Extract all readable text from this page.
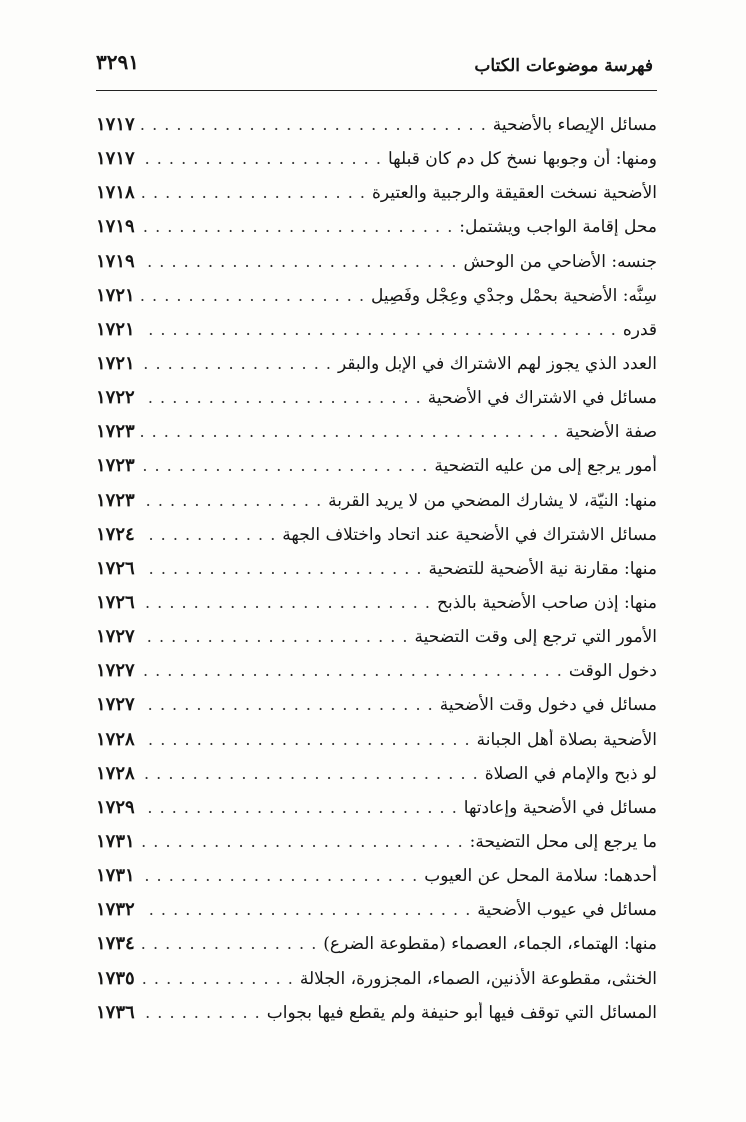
فهرسة موضوعات الكتاب
٣٢٩١
مسائل الإيصاء بالأضحية
. . .
١٧١٧
ومنها: أن وجوبها نسخ كل دم كان قبلها
. . .
١٧١٧
الأضحية نسخت العقيقة والرجبية والعتيرة
. . .
١٧١٨
محل إقامة الواجب ويشتمل:
. . .
١٧١٩
جنسه: الأضاحي من الوحش
. . .
١٧١٩
سِنُّه: الأضحية بحمْل وجدْي وعِجْل وفَصِيل
. . .
١٧٢١
قدره
. . .
١٧٢١
العدد الذي يجوز لهم الاشتراك في الإبل والبقر
. . .
١٧٢١
مسائل في الاشتراك في الأضحية
. . .
١٧٢٢
صفة الأضحية
. . .
١٧٢٣
أمور يرجع إلى من عليه التضحية
. . .
١٧٢٣
منها: النيّة، لا يشارك المضحي من لا يريد القربة
. . .
١٧٢٣
مسائل الاشتراك في الأضحية عند اتحاد واختلاف الجهة
. . .
١٧٢٤
منها: مقارنة نية الأضحية للتضحية
. . .
١٧٢٦
منها: إذن صاحب الأضحية بالذبح
. . .
١٧٢٦
الأمور التي ترجع إلى وقت التضحية
. . .
١٧٢٧
دخول الوقت
. . .
١٧٢٧
مسائل في دخول وقت الأضحية
. . .
١٧٢٧
الأضحية بصلاة أهل الجبانة
. . .
١٧٢٨
لو ذبح والإمام في الصلاة
. . .
١٧٢٨
مسائل في الأضحية وإعادتها
. . .
١٧٢٩
ما يرجع إلى محل التضيحة:
. . .
١٧٣١
أحدهما: سلامة المحل عن العيوب
. . .
١٧٣١
مسائل في عيوب الأضحية
. . .
١٧٣٢
منها: الهتماء، الجماء، العصماء (مقطوعة الضرع)
. . .
١٧٣٤
الخنثى، مقطوعة الأذنين، الصماء، المجزورة، الجلالة
. . .
١٧٣٥
المسائل التي توقف فيها أبو حنيفة ولم يقطع فيها بجواب
. . .
١٧٣٦
